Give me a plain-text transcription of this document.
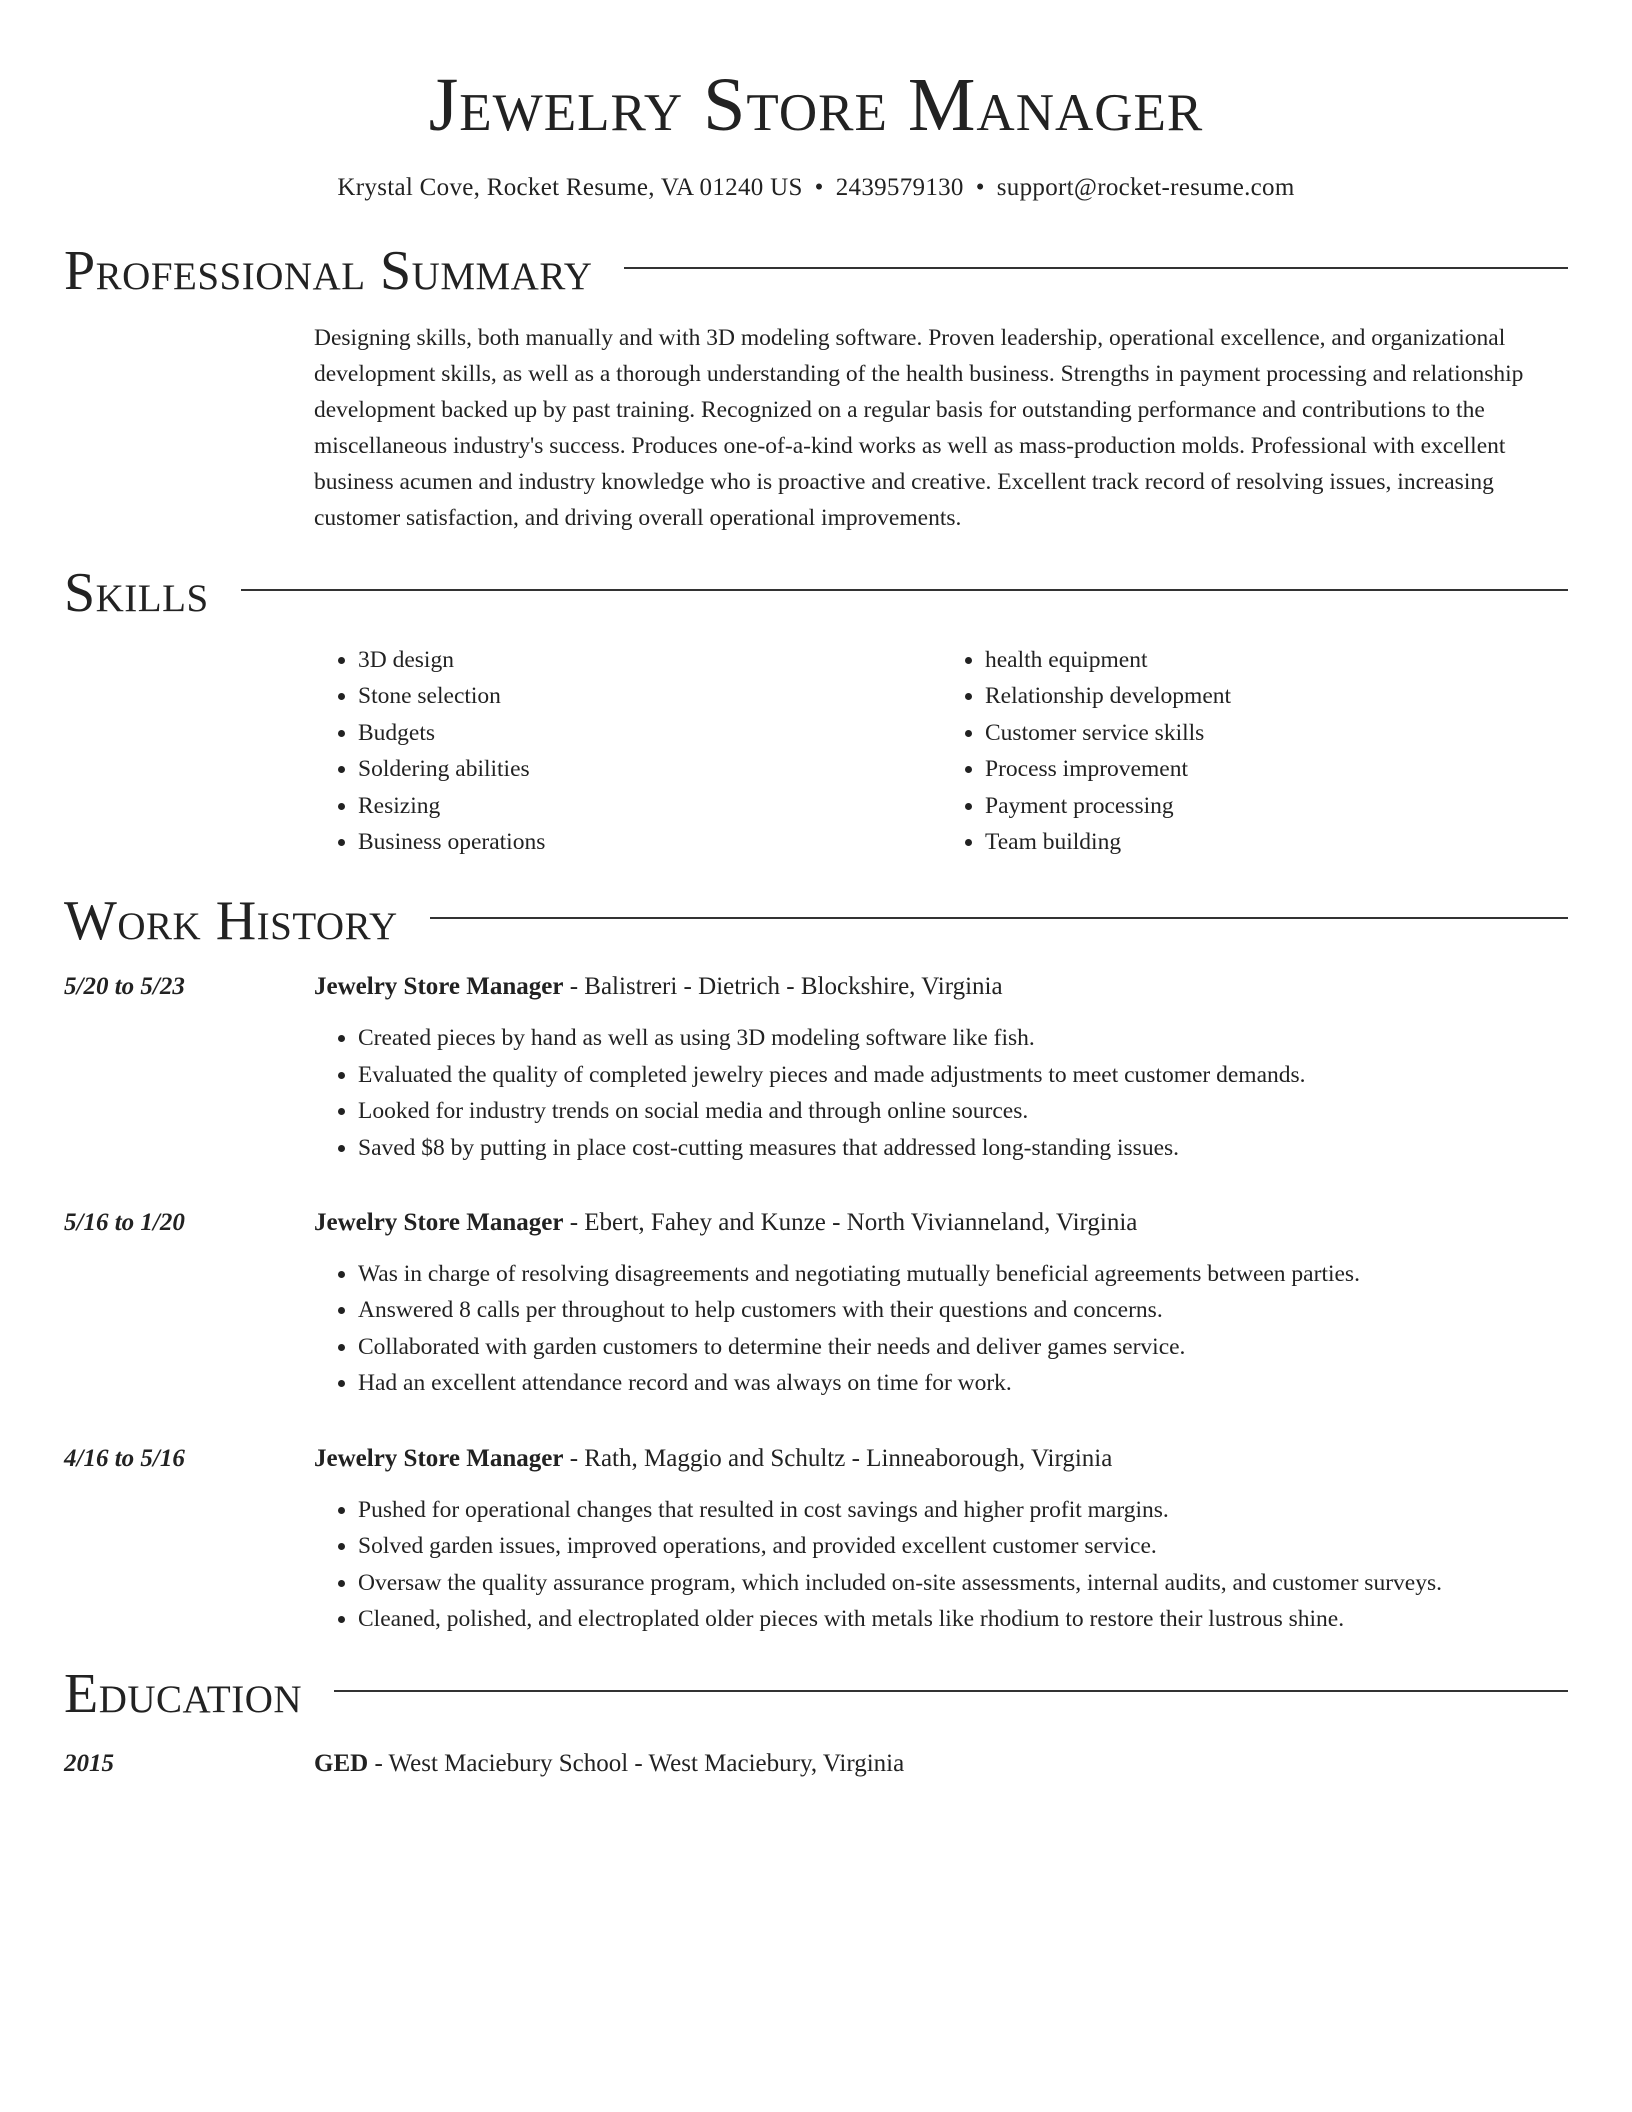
Jewelry Store Manager
Krystal Cove, Rocket Resume, VA 01240 US • 2439579130 • support@rocket-resume.com
Professional Summary
Designing skills, both manually and with 3D modeling software. Proven leadership, operational excellence, and organizational development skills, as well as a thorough understanding of the health business. Strengths in payment processing and relationship development backed up by past training. Recognized on a regular basis for outstanding performance and contributions to the miscellaneous industry's success. Produces one-of-a-kind works as well as mass-production molds. Professional with excellent business acumen and industry knowledge who is proactive and creative. Excellent track record of resolving issues, increasing customer satisfaction, and driving overall operational improvements.
Skills
• 3D design
• Stone selection
• Budgets
• Soldering abilities
• Resizing
• Business operations
• health equipment
• Relationship development
• Customer service skills
• Process improvement
• Payment processing
• Team building
Work History
5/20 to 5/23	Jewelry Store Manager - Balistreri - Dietrich - Blockshire, Virginia
• Created pieces by hand as well as using 3D modeling software like fish.
• Evaluated the quality of completed jewelry pieces and made adjustments to meet customer demands.
• Looked for industry trends on social media and through online sources.
• Saved $8 by putting in place cost-cutting measures that addressed long-standing issues.
5/16 to 1/20	Jewelry Store Manager - Ebert, Fahey and Kunze - North Vivianneland, Virginia
• Was in charge of resolving disagreements and negotiating mutually beneficial agreements between parties.
• Answered 8 calls per throughout to help customers with their questions and concerns.
• Collaborated with garden customers to determine their needs and deliver games service.
• Had an excellent attendance record and was always on time for work.
4/16 to 5/16	Jewelry Store Manager - Rath, Maggio and Schultz - Linneaborough, Virginia
• Pushed for operational changes that resulted in cost savings and higher profit margins.
• Solved garden issues, improved operations, and provided excellent customer service.
• Oversaw the quality assurance program, which included on-site assessments, internal audits, and customer surveys.
• Cleaned, polished, and electroplated older pieces with metals like rhodium to restore their lustrous shine.
Education
2015	GED - West Maciebury School - West Maciebury, Virginia
